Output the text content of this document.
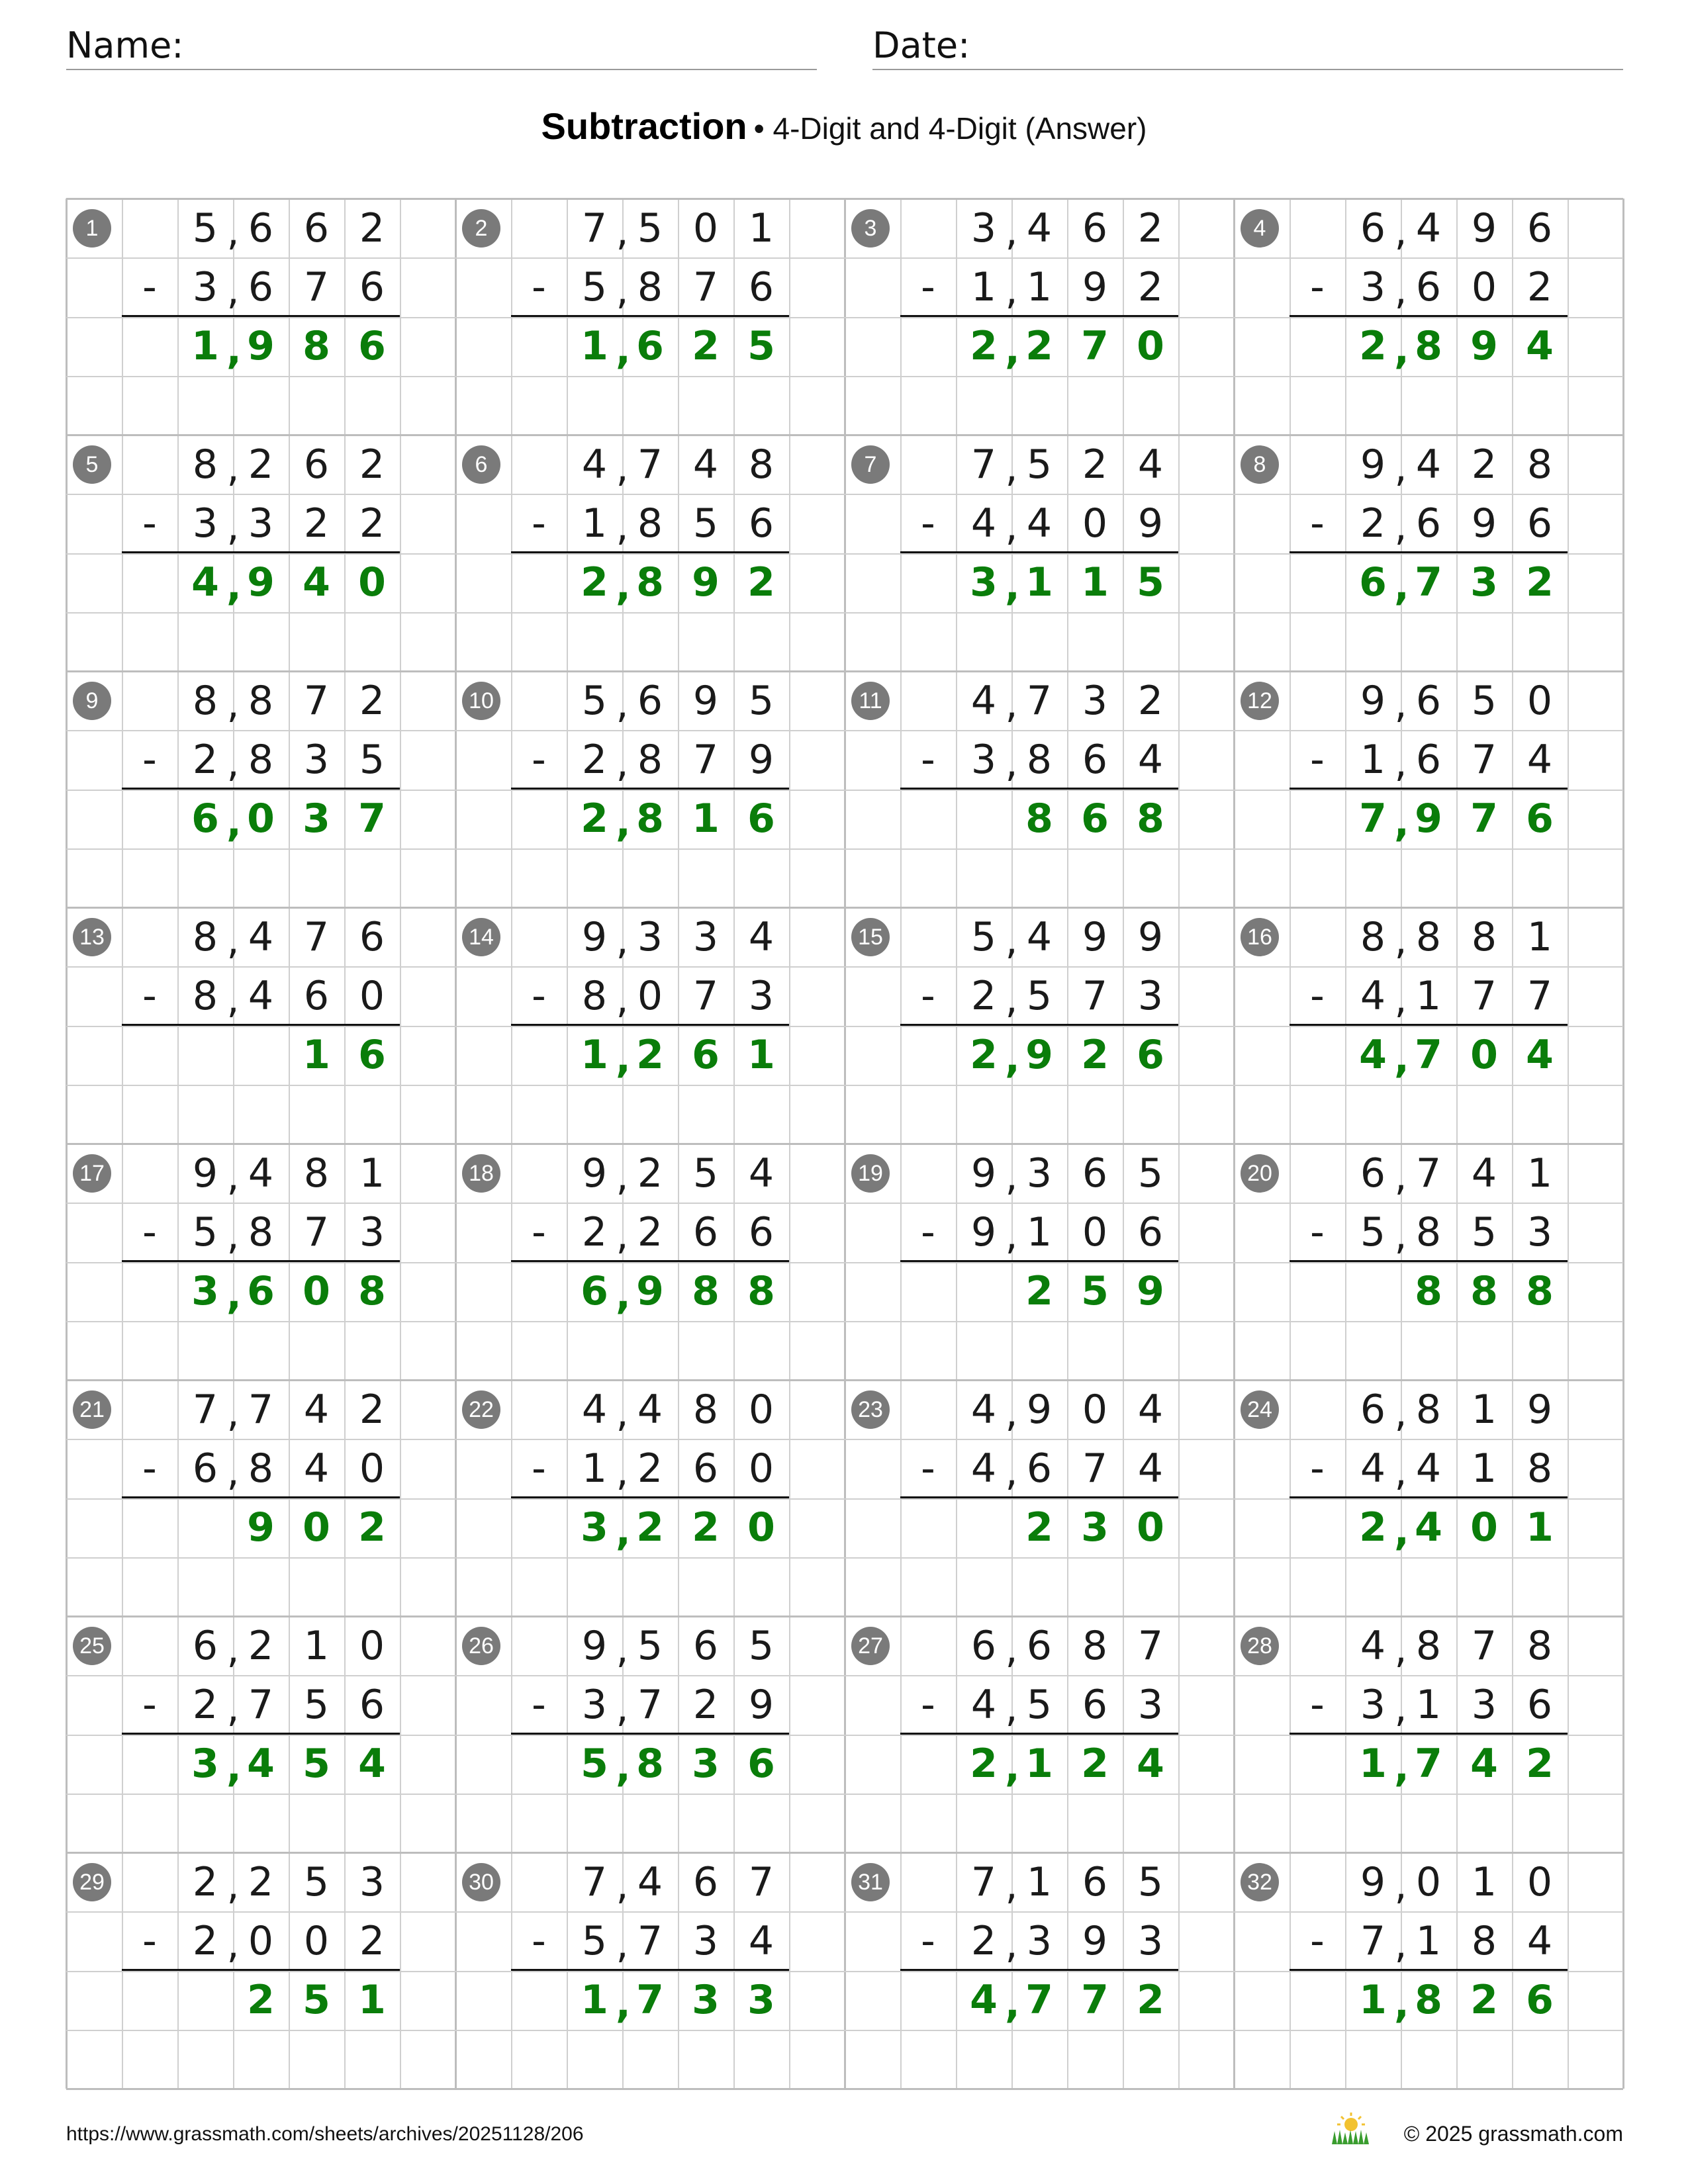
Name:	Date:
Subtraction • 4-Digit and 4-Digit (Answer)
1	5 6 6 2
,
- 3 6 7 6
,
1 9 8 6
,
2	7 5 0 1
,
- 5 8 7 6
,
1 6 2 5
,
3	3 4 6 2
,
- 1 1 9 2
,
2 2 7 0
,
4	6 4 9 6
,
- 3 6 0 2
,
2 8 9 4
,
5	8 2 6 2
,
- 3 3 2 2
,
4 9 4 0
,
6	4 7 4 8
,
- 1 8 5 6
,
2 8 9 2
,
7	7 5 2 4
,
- 4 4 0 9
,
3 1 1 5
,
8	9 4 2 8
,
- 2 6 9 6
,
6 7 3 2
,
9	8 8 7 2
,
- 2 8 3 5
,
6 0 3 7
,
10	5 6 9 5
,
- 2 8 7 9
,
2 8 1 6
,
11	4 7 3 2
,
- 3 8 6 4
,
8 6 8
12	9 6 5 0
,
- 1 6 7 4
,
7 9 7 6
,
13	8 4 7 6
,
- 8 4 6 0
,
1 6
14	9 3 3 4
,
- 8 0 7 3
,
1 2 6 1
,
15	5 4 9 9
,
- 2 5 7 3
,
2 9 2 6
,
16	8 8 8 1
,
- 4 1 7 7
,
4 7 0 4
,
17	9 4 8 1
,
- 5 8 7 3
,
3 6 0 8
,
18	9 2 5 4
,
- 2 2 6 6
,
6 9 8 8
,
19	9 3 6 5
,
- 9 1 0 6
,
2 5 9
20	6 7 4 1
,
- 5 8 5 3
,
8 8 8
21	7 7 4 2
,
- 6 8 4 0
,
9 0 2
22	4 4 8 0
,
- 1 2 6 0
,
3 2 2 0
,
23	4 9 0 4
,
- 4 6 7 4
,
2 3 0
24	6 8 1 9
,
- 4 4 1 8
,
2 4 0 1
,
25	6 2 1 0
,
- 2 7 5 6
,
3 4 5 4
,
26	9 5 6 5
,
- 3 7 2 9
,
5 8 3 6
,
27	6 6 8 7
,
- 4 5 6 3
,
2 1 2 4
,
28	4 8 7 8
,
- 3 1 3 6
,
1 7 4 2
,
29	2 2 5 3
,
- 2 0 0 2
,
2 5 1
30	7 4 6 7
,
- 5 7 3 4
,
1 7 3 3
,
31	7 1 6 5
,
- 2 3 9 3
,
4 7 7 2
,
32	9 0 1 0
,
- 7 1 8 4
,
1 8 2 6
,
https://www.grassmath.com/sheets/archives/20251128/206	© 2025 grassmath.com
